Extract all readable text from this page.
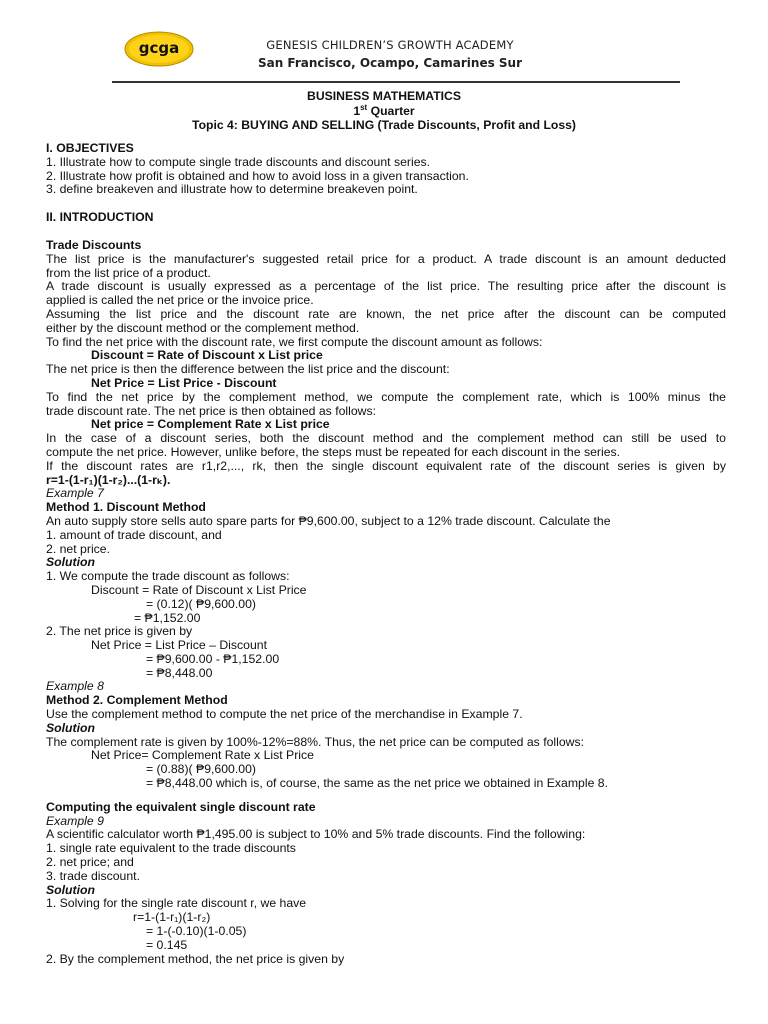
gcga	GENESIS CHILDREN’S GROWTH ACADEMY
San Francisco, Ocampo, Camarines Sur
BUSINESS MATHEMATICS
1st Quarter
Topic 4: BUYING AND SELLING (Trade Discounts, Profit and Loss)

I. OBJECTIVES

1. Illustrate how to compute single trade discounts and discount series.

2. Illustrate how profit is obtained and how to avoid loss in a given transaction.

3. define breakeven and illustrate how to determine breakeven point.

II. INTRODUCTION

Trade Discounts

The list price is the manufacturer's suggested retail price for a product. A trade discount is an amount deducted

from the list price of a product.

A trade discount is usually expressed as a percentage of the list price. The resulting price after the discount is

applied is called the net price or the invoice price.

Assuming the list price and the discount rate are known, the net price after the discount can be computed

either by the discount method or the complement method.

To find the net price with the discount rate, we first compute the discount amount as follows:

Discount = Rate of Discount x List price

The net price is then the difference between the list price and the discount:

Net Price = List Price - Discount

To find the net price by the complement method, we compute the complement rate, which is 100% minus the

trade discount rate. The net price is then obtained as follows:

Net price = Complement Rate x List price

In the case of a discount series, both the discount method and the complement method can still be used to

compute the net price. However, unlike before, the steps must be repeated for each discount in the series.

If the discount rates are r1,r2,..., rk, then the single discount equivalent rate of the discount series is given by

r=1-(1-r₁)(1-r₂)...(1-rₖ).

Example 7

Method 1. Discount Method

An auto supply store sells auto spare parts for ₱9,600.00, subject to a 12% trade discount. Calculate the

1. amount of trade discount, and

2. net price.

Solution

1. We compute the trade discount as follows:

Discount = Rate of Discount x List Price

= (0.12)( ₱9,600.00)

= ₱1,152.00

2. The net price is given by

Net Price = List Price – Discount

= ₱9,600.00 - ₱1,152.00

= ₱8,448.00

Example 8

Method 2. Complement Method

Use the complement method to compute the net price of the merchandise in Example 7.

Solution

The complement rate is given by 100%-12%=88%. Thus, the net price can be computed as follows:

Net Price= Complement Rate x List Price

= (0.88)( ₱9,600.00)

= ₱8,448.00 which is, of course, the same as the net price we obtained in Example 8.

Computing the equivalent single discount rate

Example 9

A scientific calculator worth ₱1,495.00 is subject to 10% and 5% trade discounts. Find the following:

1. single rate equivalent to the trade discounts

2. net price; and

3. trade discount.

Solution

1. Solving for the single rate discount r, we have

r=1-(1-r₁)(1-r₂)

= 1-(-0.10)(1-0.05)

= 0.145

2. By the complement method, the net price is given by
